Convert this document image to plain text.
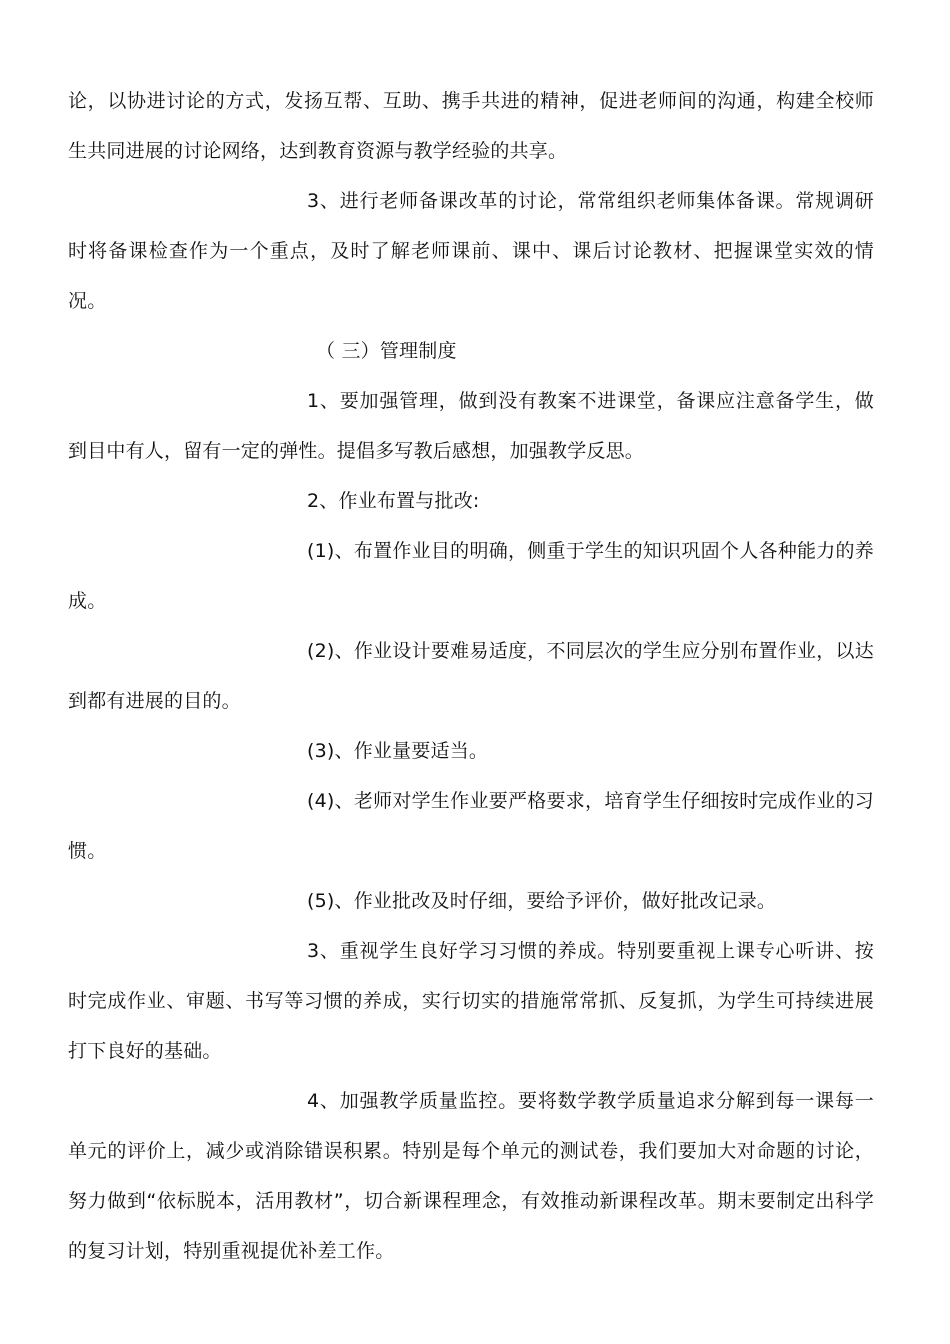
论，以协进讨论的方式，发扬互帮、互助、携手共进的精神，促进老师间的沟通，构建全校师生共同进展的讨论网络，达到教育资源与教学经验的共享。

3、进行老师备课改革的讨论，常常组织老师集体备课。常规调研时将备课检查作为一个重点，及时了解老师课前、课中、课后讨论教材、把握课堂实效的情况。

（ 三）管理制度

1、要加强管理，做到没有教案不进课堂，备课应注意备学生，做到目中有人，留有一定的弹性。提倡多写教后感想，加强教学反思。

2、作业布置与批改:

(1)、布置作业目的明确，侧重于学生的知识巩固个人各种能力的养成。

(2)、作业设计要难易适度，不同层次的学生应分别布置作业，以达到都有进展的目的。

(3)、作业量要适当。

(4)、老师对学生作业要严格要求，培育学生仔细按时完成作业的习惯。

(5)、作业批改及时仔细，要给予评价，做好批改记录。

3、重视学生良好学习习惯的养成。特别要重视上课专心听讲、按时完成作业、审题、书写等习惯的养成，实行切实的措施常常抓、反复抓，为学生可持续进展打下良好的基础。

4、加强教学质量监控。要将数学教学质量追求分解到每一课每一单元的评价上，减少或消除错误积累。特别是每个单元的测试卷，我们要加大对命题的讨论，努力做到“依标脱本，活用教材”，切合新课程理念，有效推动新课程改革。期末要制定出科学的复习计划，特别重视提优补差工作。
